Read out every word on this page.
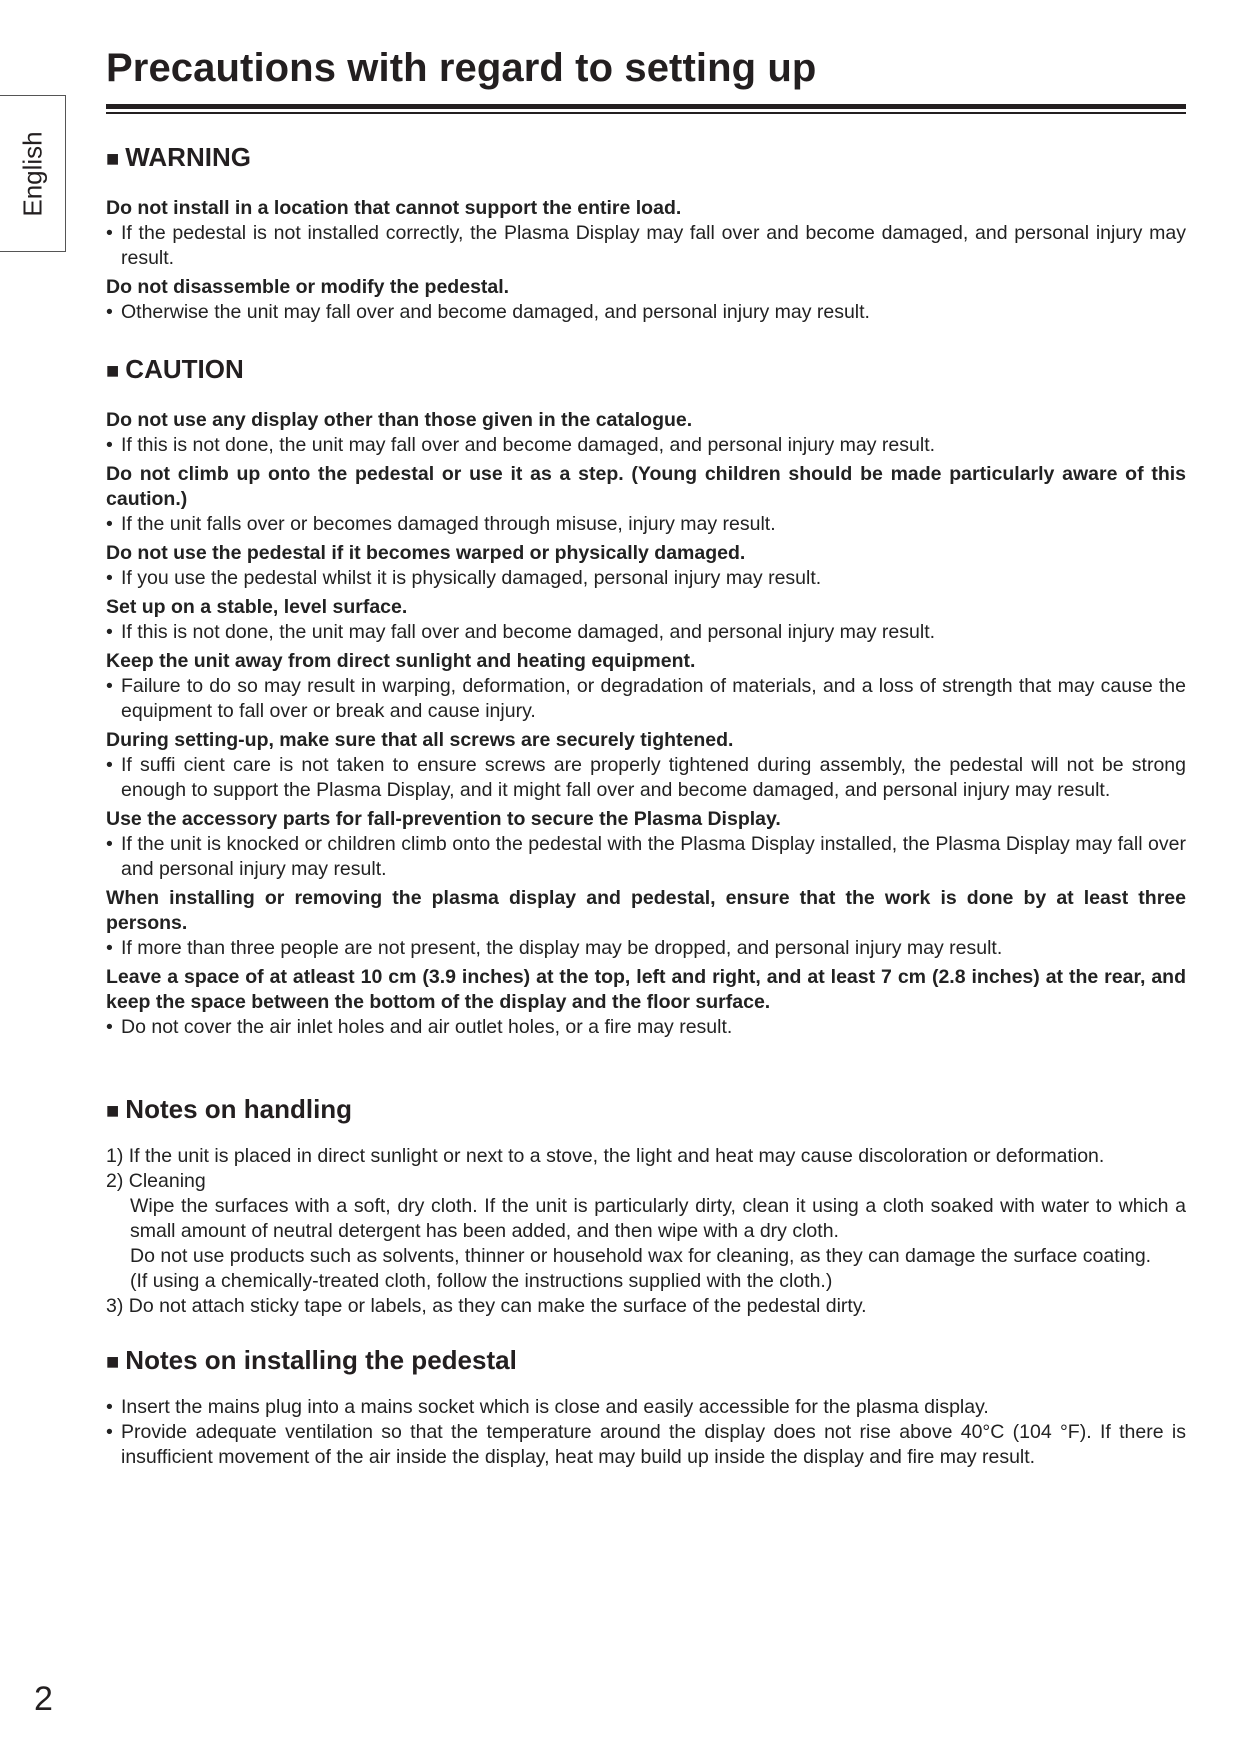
Precautions with regard to setting up
English	■ WARNING

Do not install in a location that cannot support the entire load.

• If the pedestal is not installed correctly, the Plasma Display may fall over and become damaged, and personal injury may result.

Do not disassemble or modify the pedestal.

• Otherwise the unit may fall over and become damaged, and personal injury may result.

■ CAUTION

Do not use any display other than those given in the catalogue.

• If this is not done, the unit may fall over and become damaged, and personal injury may result.

Do not climb up onto the pedestal or use it as a step. (Young children should be made particularly aware of this caution.)

• If the unit falls over or becomes damaged through misuse, injury may result.

Do not use the pedestal if it becomes warped or physically damaged.

• If you use the pedestal whilst it is physically damaged, personal injury may result.

Set up on a stable, level surface.

• If this is not done, the unit may fall over and become damaged, and personal injury may result.

Keep the unit away from direct sunlight and heating equipment.

• Failure to do so may result in warping, deformation, or degradation of materials, and a loss of strength that may cause the equipment to fall over or break and cause injury.

During setting-up, make sure that all screws are securely tightened.

• If suffi cient care is not taken to ensure screws are properly tightened during assembly, the pedestal will not be strong enough to support the Plasma Display, and it might fall over and become damaged, and personal injury may result.

Use the accessory parts for fall-prevention to secure the Plasma Display.

• If the unit is knocked or children climb onto the pedestal with the Plasma Display installed, the Plasma Display may fall over and personal injury may result.

When installing or removing the plasma display and pedestal, ensure that the work is done by at least three persons.

• If more than three people are not present, the display may be dropped, and personal injury may result.

Leave a space of at atleast 10 cm (3.9 inches) at the top, left and right, and at least 7 cm (2.8 inches) at the rear, and keep the space between the bottom of the display and the floor surface.

• Do not cover the air inlet holes and air outlet holes, or a fire may result.

■ Notes on handling

1) If the unit is placed in direct sunlight or next to a stove, the light and heat may cause discoloration or deformation.

2) Cleaning

Wipe the surfaces with a soft, dry cloth. If the unit is particularly dirty, clean it using a cloth soaked with water to which a small amount of neutral detergent has been added, and then wipe with a dry cloth.

Do not use products such as solvents, thinner or household wax for cleaning, as they can damage the surface coating.

(If using a chemically-treated cloth, follow the instructions supplied with the cloth.)

3) Do not attach sticky tape or labels, as they can make the surface of the pedestal dirty.

■ Notes on installing the pedestal

• Insert the mains plug into a mains socket which is close and easily accessible for the plasma display.

• Provide adequate ventilation so that the temperature around the display does not rise above 40°C (104 °F). If there is insufficient movement of the air inside the display, heat may build up inside the display and fire may result.

2
